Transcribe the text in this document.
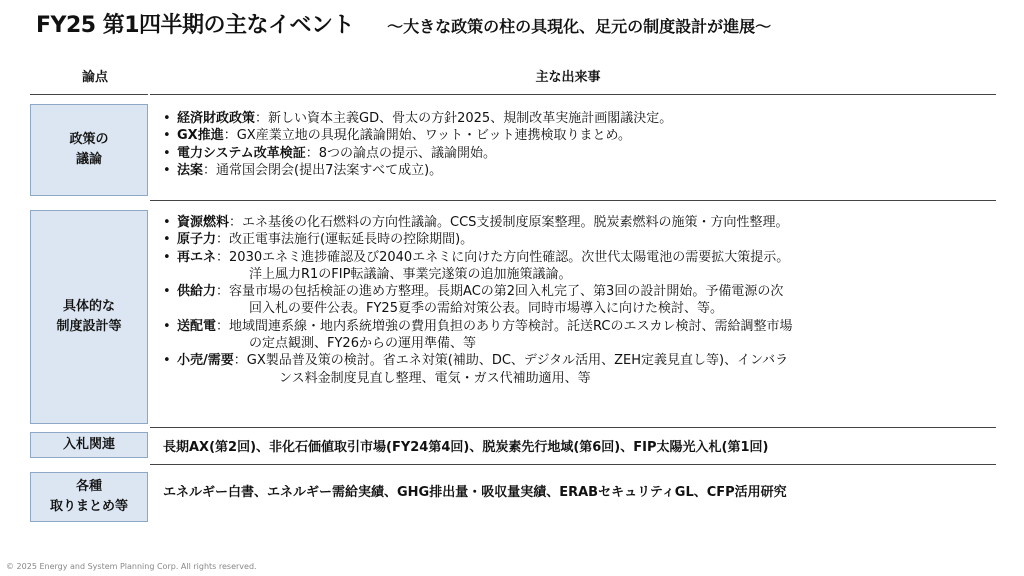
FY25 第1四半期の主なイベント ～大きな政策の柱の具現化、足元の制度設計が進展～
論点	主な出来事
政策の
議論
• 経済財政政策：新しい資本主義GD、骨太の方針2025、規制改革実施計画閣議決定。
• GX推進：GX産業立地の具現化議論開始、ワット・ビット連携検取りまとめ。
• 電力システム改革検証：8つの論点の提示、議論開始。
• 法案：通常国会閉会(提出7法案すべて成立)。
具体的な
制度設計等
• 資源燃料：エネ基後の化石燃料の方向性議論。CCS支援制度原案整理。脱炭素燃料の施策・方向性整理。
• 原子力：改正電事法施行(運転延長時の控除期間)。
• 再エネ：2030エネミ進捗確認及び2040エネミに向けた方向性確認。次世代太陽電池の需要拡大策提示。
洋上風力R1のFIP転議論、事業完遂策の追加施策議論。
• 供給力：容量市場の包括検証の進め方整理。長期ACの第2回入札完了、第3回の設計開始。予備電源の次
回入札の要件公表。FY25夏季の需給対策公表。同時市場導入に向けた検討、等。
• 送配電：地域間連系線・地内系統増強の費用負担のあり方等検討。託送RCのエスカレ検討、需給調整市場
の定点観測、FY26からの運用準備、等
• 小売/需要：GX製品普及策の検討。省エネ対策(補助、DC、デジタル活用、ZEH定義見直し等)、インバラ
ンス料金制度見直し整理、電気・ガス代補助適用、等
入札関連	長期AX(第2回)、非化石価値取引市場(FY24第4回)、脱炭素先行地域(第6回)、FIP太陽光入札(第1回)
各種
取りまとめ等
エネルギー白書、エネルギー需給実績、GHG排出量・吸収量実績、ERABセキュリティGL、CFP活用研究
© 2025 Energy and System Planning Corp. All rights reserved.
